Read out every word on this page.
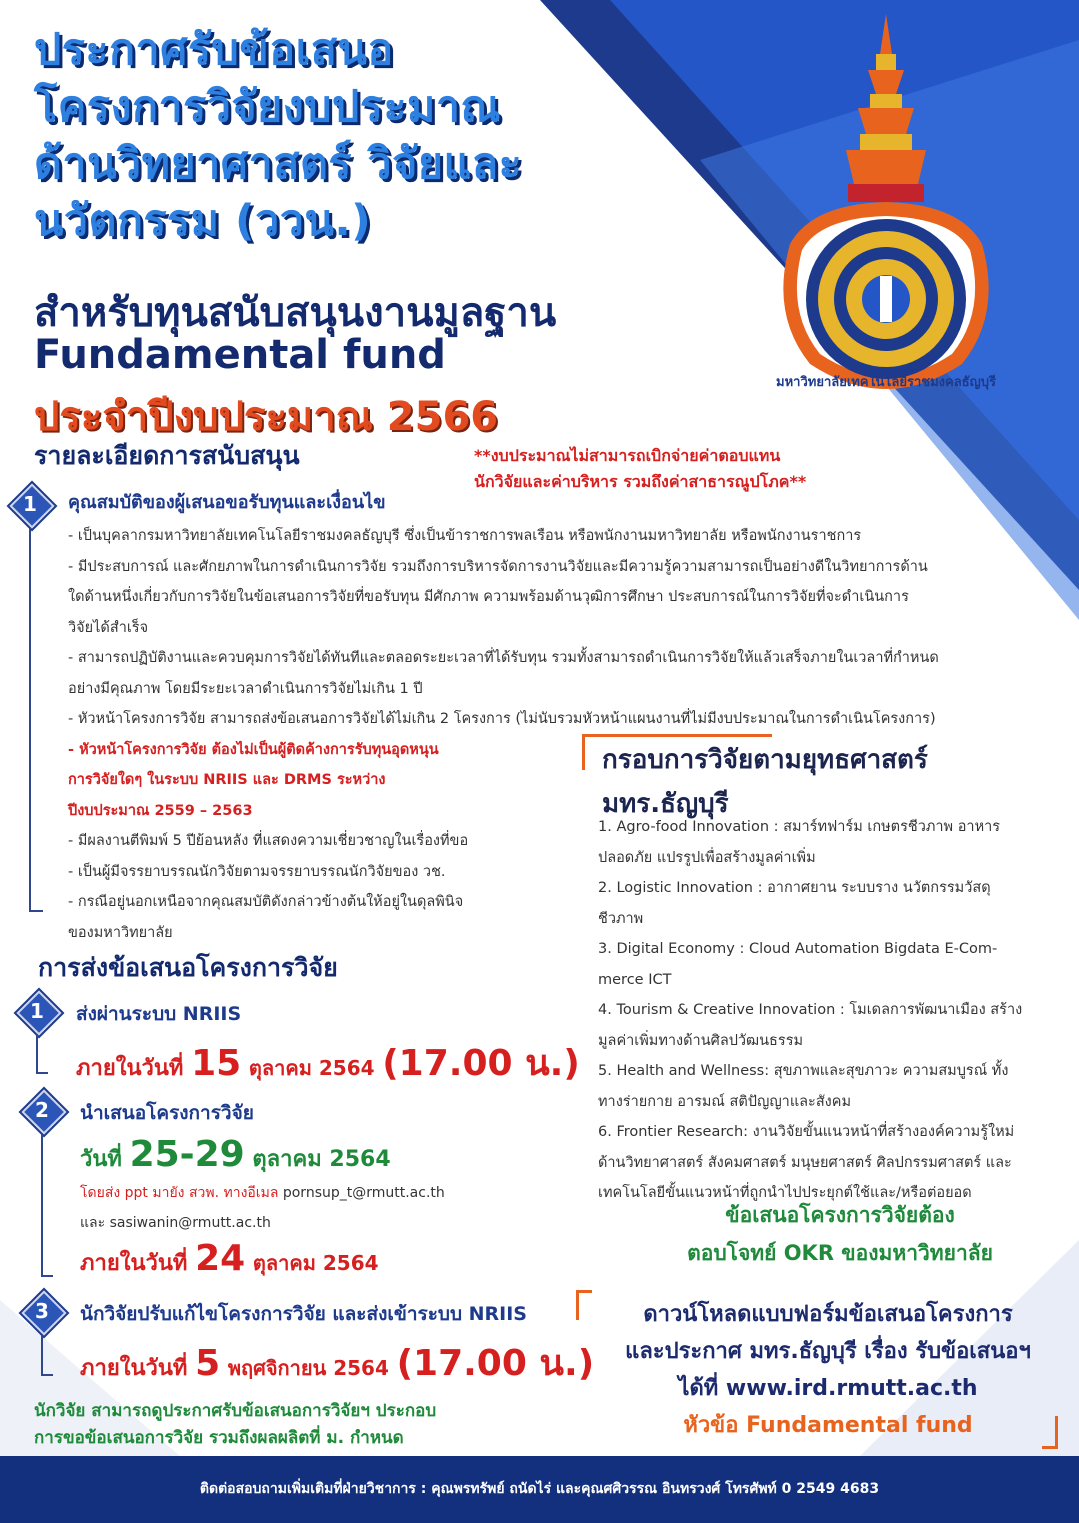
มหาวิทยาลัยเทคโนโลยีราชมงคลธัญบุรี
ประกาศรับข้อเสนอ
โครงการวิจัยงบประมาณ
ด้านวิทยาศาสตร์ วิจัยและ
นวัตกรรม (ววน.)
สำหรับทุนสนับสนุนงานมูลฐาน
Fundamental fund
ประจำปีงบประมาณ 2566
รายละเอียดการสนับสนุน	**งบประมาณไม่สามารถเบิกจ่ายค่าตอบแทน
นักวิจัยและค่าบริหาร รวมถึงค่าสาธารณูปโภค**
1	คุณสมบัติของผู้เสนอขอรับทุนและเงื่อนไข
- เป็นบุคลากรมหาวิทยาลัยเทคโนโลยีราชมงคลธัญบุรี ซึ่งเป็นข้าราชการพลเรือน หรือพนักงานมหาวิทยาลัย หรือพนักงานราชการ
- มีประสบการณ์ และศักยภาพในการดำเนินการวิจัย รวมถึงการบริหารจัดการงานวิจัยและมีความรู้ความสามารถเป็นอย่างดีในวิทยาการด้าน
ใดด้านหนึ่งเกี่ยวกับการวิจัยในข้อเสนอการวิจัยที่ขอรับทุน มีศักภาพ ความพร้อมด้านวุฒิการศึกษา ประสบการณ์ในการวิจัยที่จะดำเนินการ
วิจัยได้สำเร็จ
- สามารถปฏิบัติงานและควบคุมการวิจัยได้ทันทีและตลอดระยะเวลาที่ได้รับทุน รวมทั้งสามารถดำเนินการวิจัยให้แล้วเสร็จภายในเวลาที่กำหนด
อย่างมีคุณภาพ โดยมีระยะเวลาดำเนินการวิจัยไม่เกิน 1 ปี
- หัวหน้าโครงการวิจัย สามารถส่งข้อเสนอการวิจัยได้ไม่เกิน 2 โครงการ (ไม่นับรวมหัวหน้าแผนงานที่ไม่มีงบประมาณในการดำเนินโครงการ)
- หัวหน้าโครงการวิจัย ต้องไม่เป็นผู้ติดค้างการรับทุนอุดหนุน
การวิจัยใดๆ ในระบบ NRIIS และ DRMS ระหว่าง
ปีงบประมาณ 2559 – 2563
- มีผลงานตีพิมพ์ 5 ปีย้อนหลัง ที่แสดงความเชี่ยวชาญในเรื่องที่ขอ
- เป็นผู้มีจรรยาบรรณนักวิจัยตามจรรยาบรรณนักวิจัยของ วช.
- กรณีอยู่นอกเหนือจากคุณสมบัติดังกล่าวข้างต้นให้อยู่ในดุลพินิจ
ของมหาวิทยาลัย
กรอบการวิจัยตามยุทธศาสตร์
มทร.ธัญบุรี
1. Agro-food Innovation : สมาร์ทฟาร์ม เกษตรชีวภาพ อาหาร
ปลอดภัย แปรรูปเพื่อสร้างมูลค่าเพิ่ม
2. Logistic Innovation : อากาศยาน ระบบราง นวัตกรรมวัสดุ
ชีวภาพ
3. Digital Economy : Cloud Automation Bigdata E-Com-
merce ICT
4. Tourism & Creative Innovation : โมเดลการพัฒนาเมือง สร้าง
มูลค่าเพิ่มทางด้านศิลปวัฒนธรรม
5. Health and Wellness: สุขภาพและสุขภาวะ ความสมบูรณ์ ทั้ง
ทางร่ายกาย อารมณ์ สติปัญญาและสังคม
6. Frontier Research: งานวิจัยขั้นแนวหน้าที่สร้างองค์ความรู้ใหม่
ด้านวิทยาศาสตร์ สังคมศาสตร์ มนุษยศาสตร์ ศิลปกรรมศาสตร์ และ
เทคโนโลยีขั้นแนวหน้าที่ถูกนำไปประยุกต์ใช้และ/หรือต่อยอด
ข้อเสนอโครงการวิจัยต้อง
ตอบโจทย์ OKR ของมหาวิทยาลัย
การส่งข้อเสนอโครงการวิจัย
1	ส่งผ่านระบบ NRIIS
ภายในวันที่ 15 ตุลาคม 2564 (17.00 น.)
2	นำเสนอโครงการวิจัย
วันที่ 25-29 ตุลาคม 2564
โดยส่ง ppt มายัง สวพ. ทางอีเมล pornsup_t@rmutt.ac.th
และ sasiwanin@rmutt.ac.th
ภายในวันที่ 24 ตุลาคม 2564
3	นักวิจัยปรับแก้ไขโครงการวิจัย และส่งเข้าระบบ NRIIS
ภายในวันที่ 5 พฤศจิกายน 2564 (17.00 น.)
ดาวน์โหลดแบบฟอร์มข้อเสนอโครงการ
และประกาศ มทร.ธัญบุรี เรื่อง รับข้อเสนอฯ
ได้ที่ www.ird.rmutt.ac.th
หัวข้อ Fundamental fund
นักวิจัย สามารถดูประกาศรับข้อเสนอการวิจัยฯ ประกอบ
การขอข้อเสนอการวิจัย รวมถึงผลผลิตที่ ม. กำหนด
ติดต่อสอบถามเพิ่มเติมที่ฝ่ายวิชาการ : คุณพรทรัพย์ ถนัดไร่ และคุณศศิวรรณ อินทรวงศ์ โทรศัพท์ 0 2549 4683
